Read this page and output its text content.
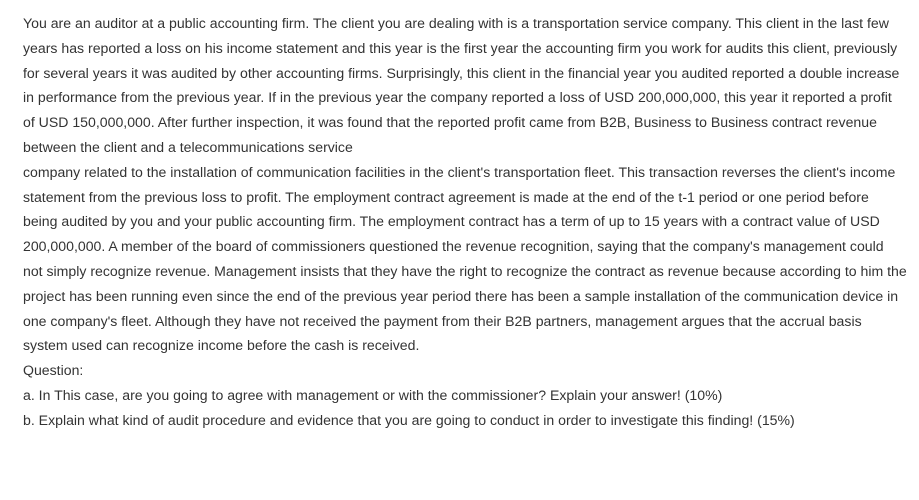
You are an auditor at a public accounting firm. The client you are dealing with is a transportation service company. This client in the last few years has reported a loss on his income statement and this year is the first year the accounting firm you work for audits this client, previously for several years it was audited by other accounting firms. Surprisingly, this client in the financial year you audited reported a double increase in performance from the previous year. If in the previous year the company reported a loss of USD 200,000,000, this year it reported a profit of USD 150,000,000. After further inspection, it was found that the reported profit came from B2B, Business to Business contract revenue between the client and a telecommunications service

company related to the installation of communication facilities in the client's transportation fleet. This transaction reverses the client's income statement from the previous loss to profit. The employment contract agreement is made at the end of the t-1 period or one period before being audited by you and your public accounting firm. The employment contract has a term of up to 15 years with a contract value of USD 200,000,000. A member of the board of commissioners questioned the revenue recognition, saying that the company's management could not simply recognize revenue. Management insists that they have the right to recognize the contract as revenue because according to him the project has been running even since the end of the previous year period there has been a sample installation of the communication device in one company's fleet. Although they have not received the payment from their B2B partners, management argues that the accrual basis system used can recognize income before the cash is received.

Question:

a. In This case, are you going to agree with management or with the commissioner? Explain your answer! (10%)

b. Explain what kind of audit procedure and evidence that you are going to conduct in order to investigate this finding! (15%)
